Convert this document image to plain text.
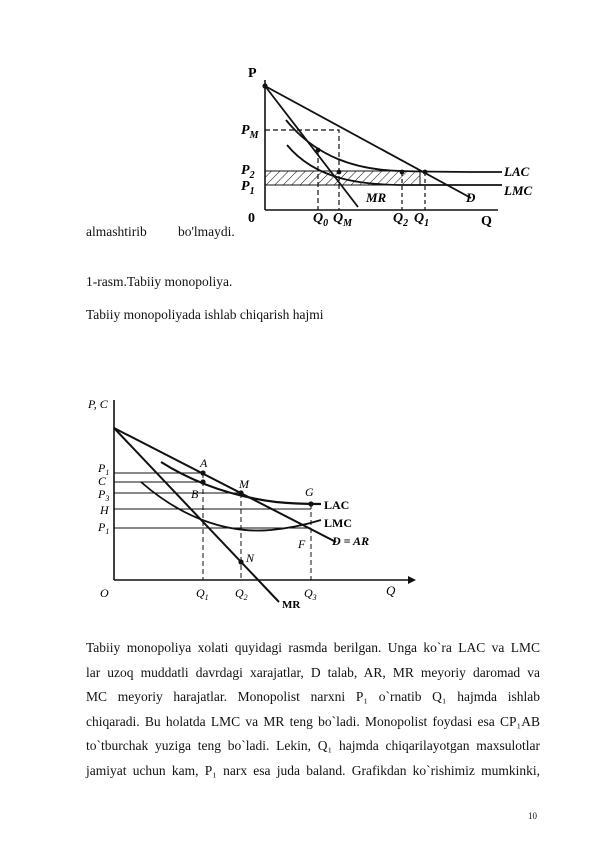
P
Q
0
$P_M$
$P_2$
$P_1$
$Q_0$ $Q_M$	$Q_2$ $Q_1$
LAC
LMC
MR	D
almashtirib bo'lmaydi.
1-rasm.Tabiiy monopoliya.
Tabiiy monopoliyada ishlab chiqarish hajmi
P, C
Q
O
$P_1$
C
$P_3$
H
$P_1$
A
M
B	G
N
F
LAC
LMC
D = AR
MR
$Q_1$ $Q_2$	$Q_3$
Tabiiy monopoliya xolati quyidagi rasmda berilgan. Unga ko`ra LAC va LMC
lar uzoq muddatli davrdagi xarajatlar, D talab, AR, MR meyoriy daromad va
MC meyoriy harajatlar. Monopolist narxni P₁ o`rnatib Q₁ hajmda ishlab
chiqaradi. Bu holatda LMC va MR teng bo`ladi. Monopolist foydasi esa CP₁AB
to`tburchak yuziga teng bo`ladi. Lekin, Q₁ hajmda chiqarilayotgan maxsulotlar
jamiyat uchun kam, P₁ narx esa juda baland. Grafikdan ko`rishimiz mumkinki,
10
